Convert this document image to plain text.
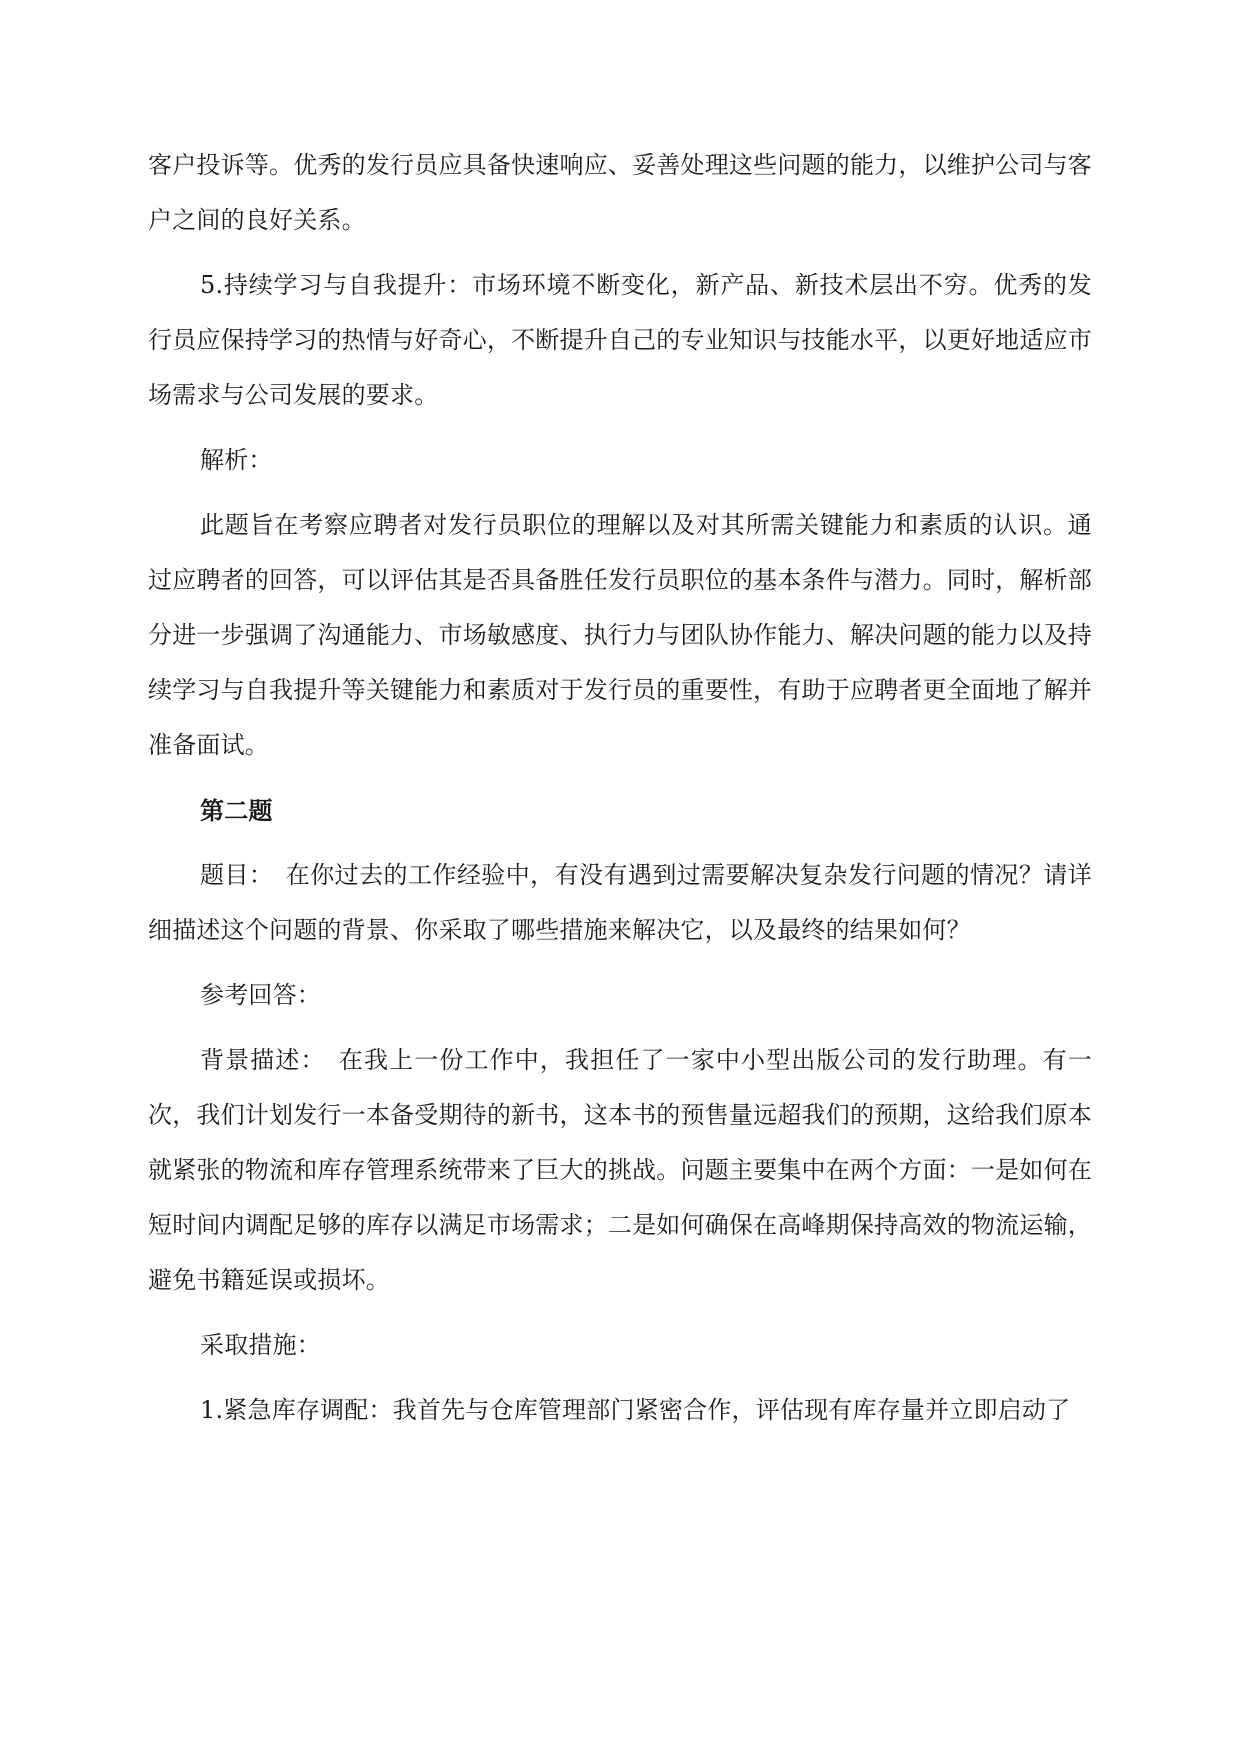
客户投诉等。优秀的发行员应具备快速响应、妥善处理这些问题的能力，以维护公司与客户之间的良好关系。

5.持续学习与自我提升：市场环境不断变化，新产品、新技术层出不穷。优秀的发行员应保持学习的热情与好奇心，不断提升自己的专业知识与技能水平，以更好地适应市场需求与公司发展的要求。

解析：

此题旨在考察应聘者对发行员职位的理解以及对其所需关键能力和素质的认识。通过应聘者的回答，可以评估其是否具备胜任发行员职位的基本条件与潜力。同时，解析部分进一步强调了沟通能力、市场敏感度、执行力与团队协作能力、解决问题的能力以及持续学习与自我提升等关键能力和素质对于发行员的重要性，有助于应聘者更全面地了解并准备面试。

第二题

题目：　在你过去的工作经验中，有没有遇到过需要解决复杂发行问题的情况？请详细描述这个问题的背景、你采取了哪些措施来解决它，以及最终的结果如何？

参考回答：

背景描述：　在我上一份工作中，我担任了一家中小型出版公司的发行助理。有一次，我们计划发行一本备受期待的新书，这本书的预售量远超我们的预期，这给我们原本就紧张的物流和库存管理系统带来了巨大的挑战。问题主要集中在两个方面：一是如何在短时间内调配足够的库存以满足市场需求；二是如何确保在高峰期保持高效的物流运输，避免书籍延误或损坏。

采取措施：

1.紧急库存调配：我首先与仓库管理部门紧密合作，评估现有库存量并立即启动了
